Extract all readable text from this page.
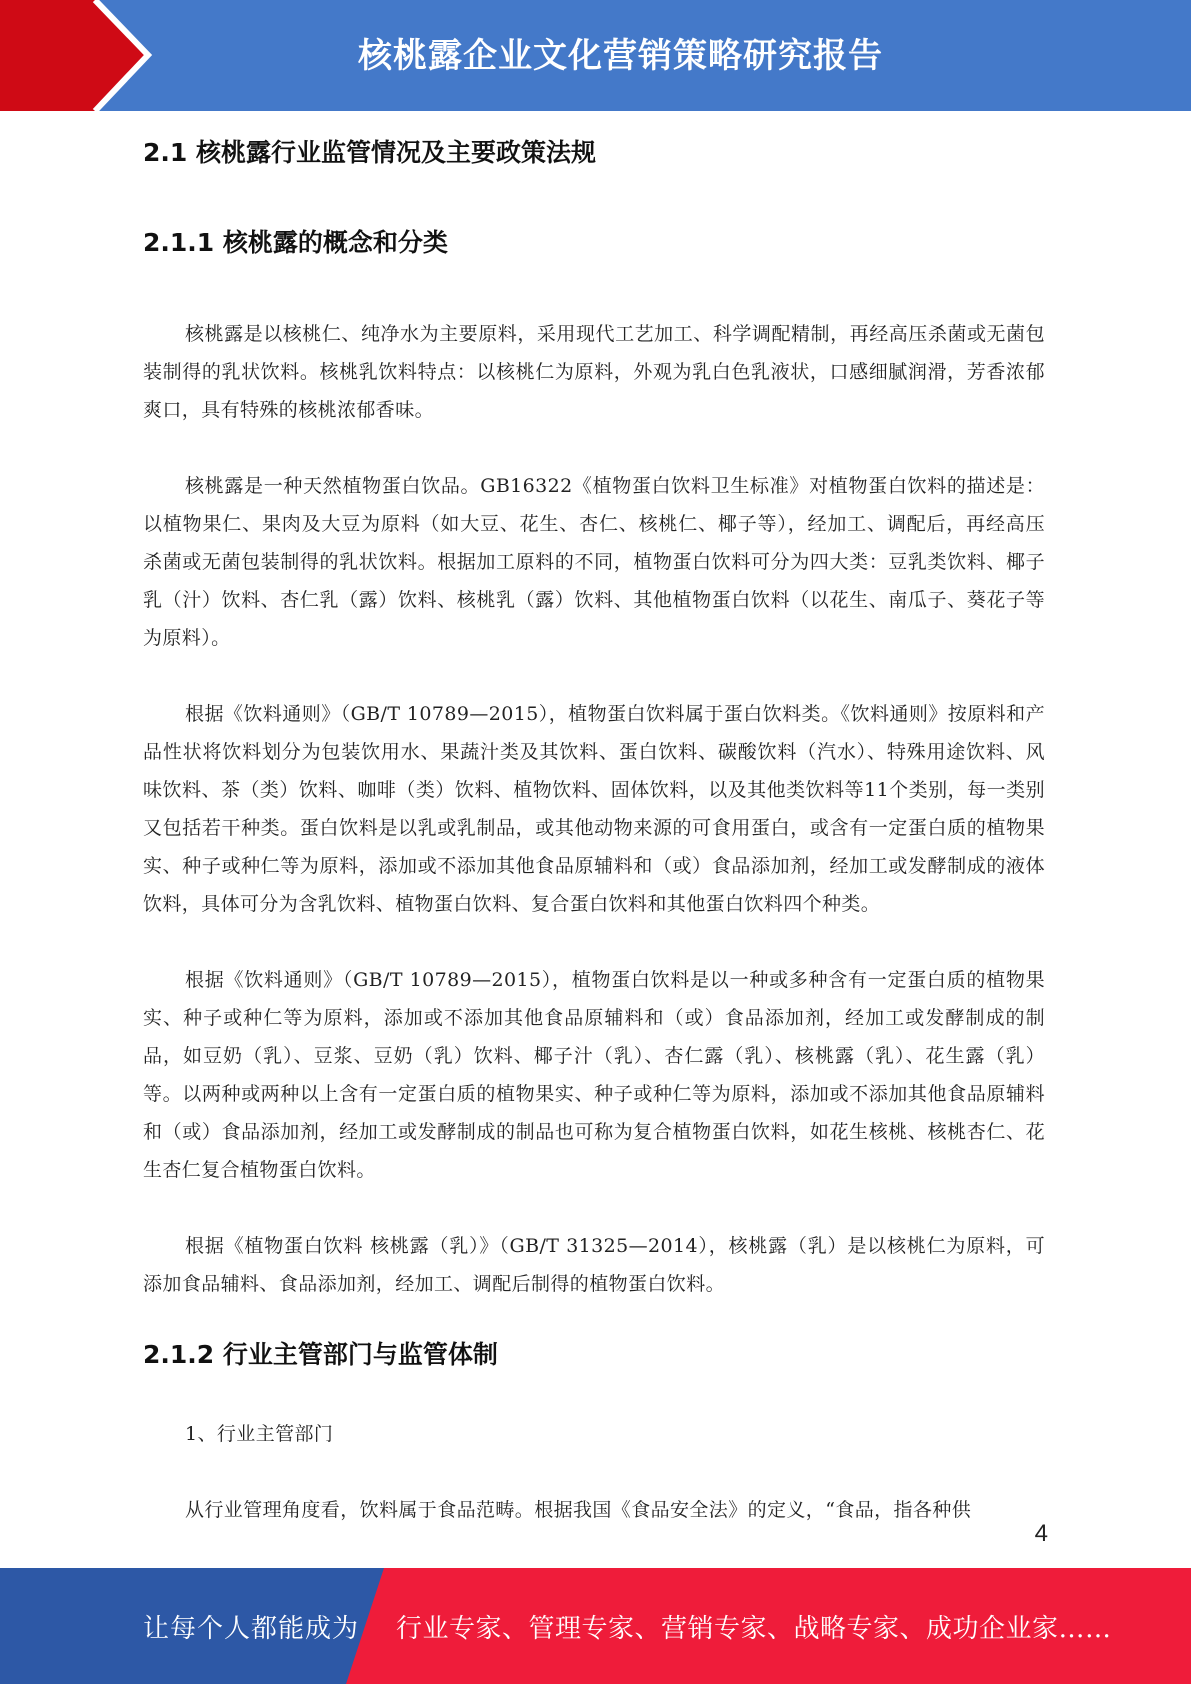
核桃露企业文化营销策略研究报告
2.1 核桃露行业监管情况及主要政策法规
2.1.1 核桃露的概念和分类

核桃露是以核桃仁、纯净水为主要原料，采用现代工艺加工、科学调配精制，再经高压杀菌或无菌包装制得的乳状饮料。核桃乳饮料特点：以核桃仁为原料，外观为乳白色乳液状，口感细腻润滑，芳香浓郁爽口，具有特殊的核桃浓郁香味。

核桃露是一种天然植物蛋白饮品。GB16322《植物蛋白饮料卫生标准》对植物蛋白饮料的描述是：以植物果仁、果肉及大豆为原料（如大豆、花生、杏仁、核桃仁、椰子等），经加工、调配后，再经高压杀菌或无菌包装制得的乳状饮料。根据加工原料的不同，植物蛋白饮料可分为四大类：豆乳类饮料、椰子乳（汁）饮料、杏仁乳（露）饮料、核桃乳（露）饮料、其他植物蛋白饮料（以花生、南瓜子、葵花子等为原料）。

根据《饮料通则》（GB/T 10789—2015），植物蛋白饮料属于蛋白饮料类。《饮料通则》按原料和产品性状将饮料划分为包装饮用水、果蔬汁类及其饮料、蛋白饮料、碳酸饮料（汽水）、特殊用途饮料、风味饮料、茶（类）饮料、咖啡（类）饮料、植物饮料、固体饮料，以及其他类饮料等11个类别，每一类别又包括若干种类。蛋白饮料是以乳或乳制品，或其他动物来源的可食用蛋白，或含有一定蛋白质的植物果实、种子或种仁等为原料，添加或不添加其他食品原辅料和（或）食品添加剂，经加工或发酵制成的液体饮料，具体可分为含乳饮料、植物蛋白饮料、复合蛋白饮料和其他蛋白饮料四个种类。

根据《饮料通则》（GB/T 10789—2015），植物蛋白饮料是以一种或多种含有一定蛋白质的植物果实、种子或种仁等为原料，添加或不添加其他食品原辅料和（或）食品添加剂，经加工或发酵制成的制品，如豆奶（乳）、豆浆、豆奶（乳）饮料、椰子汁（乳）、杏仁露（乳）、核桃露（乳）、花生露（乳）等。以两种或两种以上含有一定蛋白质的植物果实、种子或种仁等为原料，添加或不添加其他食品原辅料和（或）食品添加剂，经加工或发酵制成的制品也可称为复合植物蛋白饮料，如花生核桃、核桃杏仁、花生杏仁复合植物蛋白饮料。

根据《植物蛋白饮料 核桃露（乳）》（GB/T 31325—2014），核桃露（乳）是以核桃仁为原料，可添加食品辅料、食品添加剂，经加工、调配后制得的植物蛋白饮料。

2.1.2 行业主管部门与监管体制

1、行业主管部门

从行业管理角度看，饮料属于食品范畴。根据我国《食品安全法》的定义，“食品，指各种供

4
让每个人都能成为 行业专家、管理专家、营销专家、战略专家、成功企业家……
